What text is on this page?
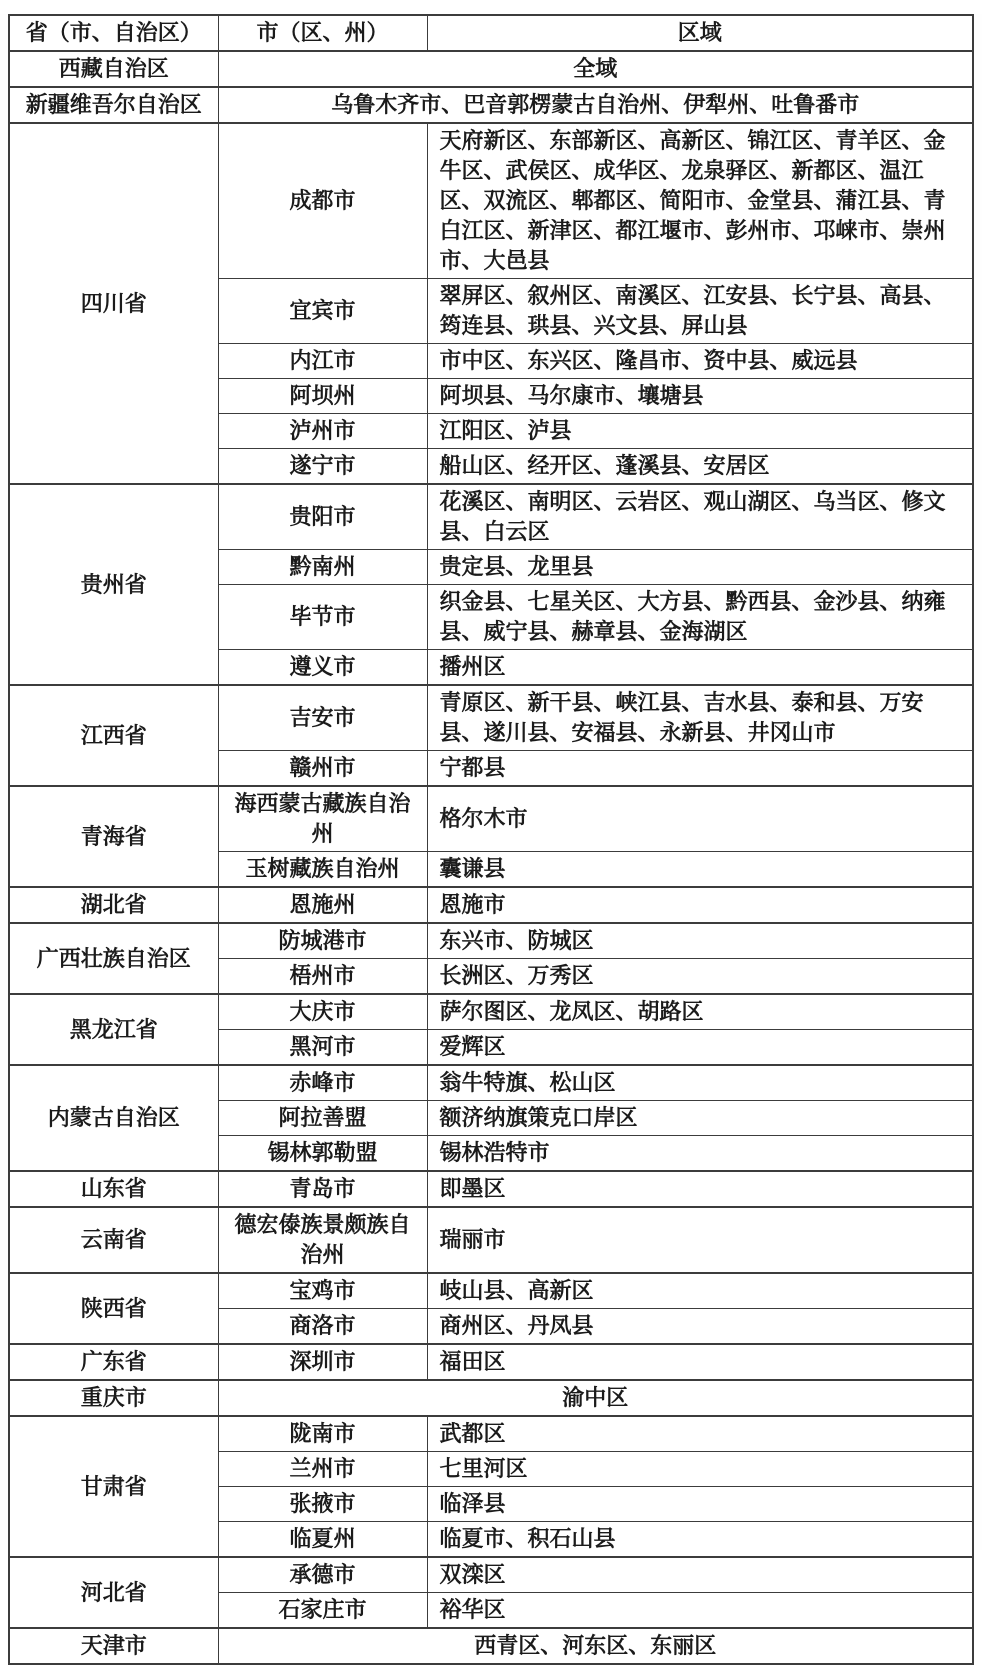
省（市、自治区）	市（区、州）	区域
西藏自治区	全域	
新疆维吾尔自治区	乌鲁木齐市、巴音郭楞蒙古自治州、伊犁州、吐鲁番市	
四川省	成都市	天府新区、东部新区、高新区、锦江区、青羊区、金牛区、武侯区、成华区、龙泉驿区、新都区、温江区、双流区、郫都区、简阳市、金堂县、蒲江县、青白江区、新津区、都江堰市、彭州市、邛崃市、崇州市、大邑县
	宜宾市	翠屏区、叙州区、南溪区、江安县、长宁县、高县、筠连县、珙县、兴文县、屏山县
	内江市	市中区、东兴区、隆昌市、资中县、威远县
	阿坝州	阿坝县、马尔康市、壤塘县
	泸州市	江阳区、泸县
	遂宁市	船山区、经开区、蓬溪县、安居区
贵州省	贵阳市	花溪区、南明区、云岩区、观山湖区、乌当区、修文县、白云区
	黔南州	贵定县、龙里县
	毕节市	织金县、七星关区、大方县、黔西县、金沙县、纳雍县、威宁县、赫章县、金海湖区
	遵义市	播州区
江西省	吉安市	青原区、新干县、峡江县、吉水县、泰和县、万安县、遂川县、安福县、永新县、井冈山市
	赣州市	宁都县
青海省	海西蒙古藏族自治州	格尔木市
	玉树藏族自治州	囊谦县
湖北省	恩施州	恩施市
广西壮族自治区	防城港市	东兴市、防城区
	梧州市	长洲区、万秀区
黑龙江省	大庆市	萨尔图区、龙凤区、胡路区
	黑河市	爱辉区
内蒙古自治区	赤峰市	翁牛特旗、松山区
	阿拉善盟	额济纳旗策克口岸区
	锡林郭勒盟	锡林浩特市
山东省	青岛市	即墨区
云南省	德宏傣族景颇族自治州	瑞丽市
陕西省	宝鸡市	岐山县、高新区
	商洛市	商州区、丹凤县
广东省	深圳市	福田区
重庆市	渝中区	
甘肃省	陇南市	武都区
	兰州市	七里河区
	张掖市	临泽县
	临夏州	临夏市、积石山县
河北省	承德市	双滦区
	石家庄市	裕华区
天津市	西青区、河东区、东丽区	
